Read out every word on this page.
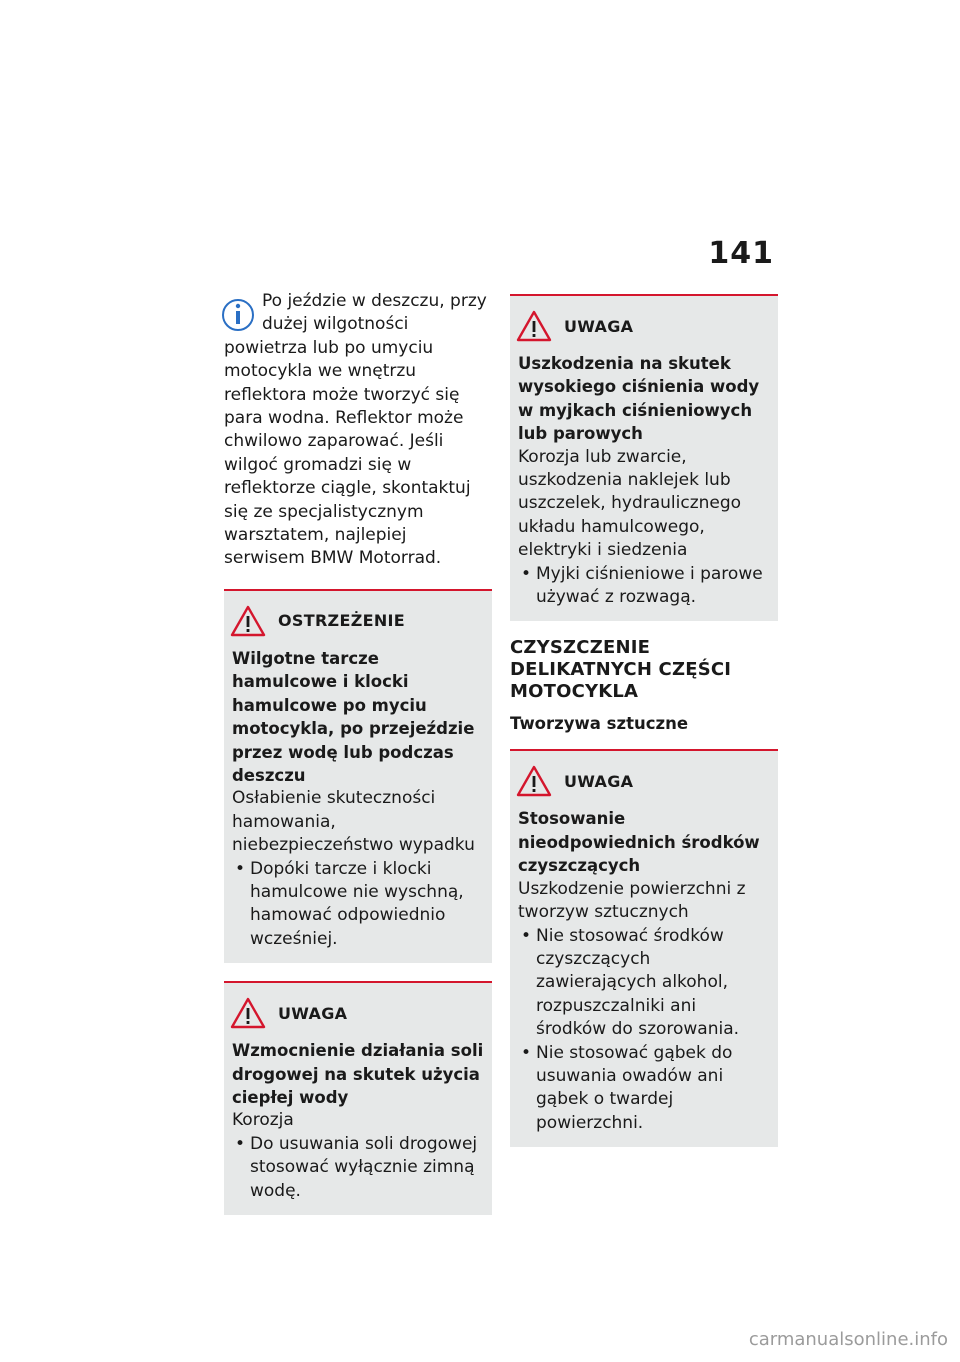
141
Po jeździe w deszczu, przy dużej wilgotności powietrza lub po umyciu motocykla we wnętrzu reflektora może tworzyć się para wodna. Reflektor może chwilowo zaparować. Jeśli wilgoć gromadzi się w reflektorze ciągle, skontaktuj się ze specjalistycznym warsztatem, najlepiej serwisem BMW Motorrad.
OSTRZEŻENIE
Wilgotne tarcze hamulcowe i klocki hamulcowe po myciu motocykla, po przejeździe przez wodę lub podczas deszczu
Osłabienie skuteczności hamowania, niebezpieczeństwo wypadku
• Dopóki tarcze i klocki hamulcowe nie wyschną, hamować odpowiednio wcześniej.
UWAGA
Wzmocnienie działania soli drogowej na skutek użycia ciepłej wody
Korozja
• Do usuwania soli drogowej stosować wyłącznie zimną wodę.
UWAGA
Uszkodzenia na skutek wysokiego ciśnienia wody w myjkach ciśnieniowych lub parowych
Korozja lub zwarcie, uszkodzenia naklejek lub uszczelek, hydraulicznego układu hamulcowego, elektryki i siedzenia
• Myjki ciśnieniowe i parowe używać z rozwagą.
CZYSZCZENIE DELIKATNYCH CZĘŚCI MOTOCYKLA
Tworzywa sztuczne
UWAGA
Stosowanie nieodpowiednich środków czyszczących
Uszkodzenie powierzchni z tworzyw sztucznych
• Nie stosować środków czyszczących zawierających alkohol, rozpuszczalniki ani środków do szorowania.
• Nie stosować gąbek do usuwania owadów ani gąbek o twardej powierzchni.
carmanualsonline.info
